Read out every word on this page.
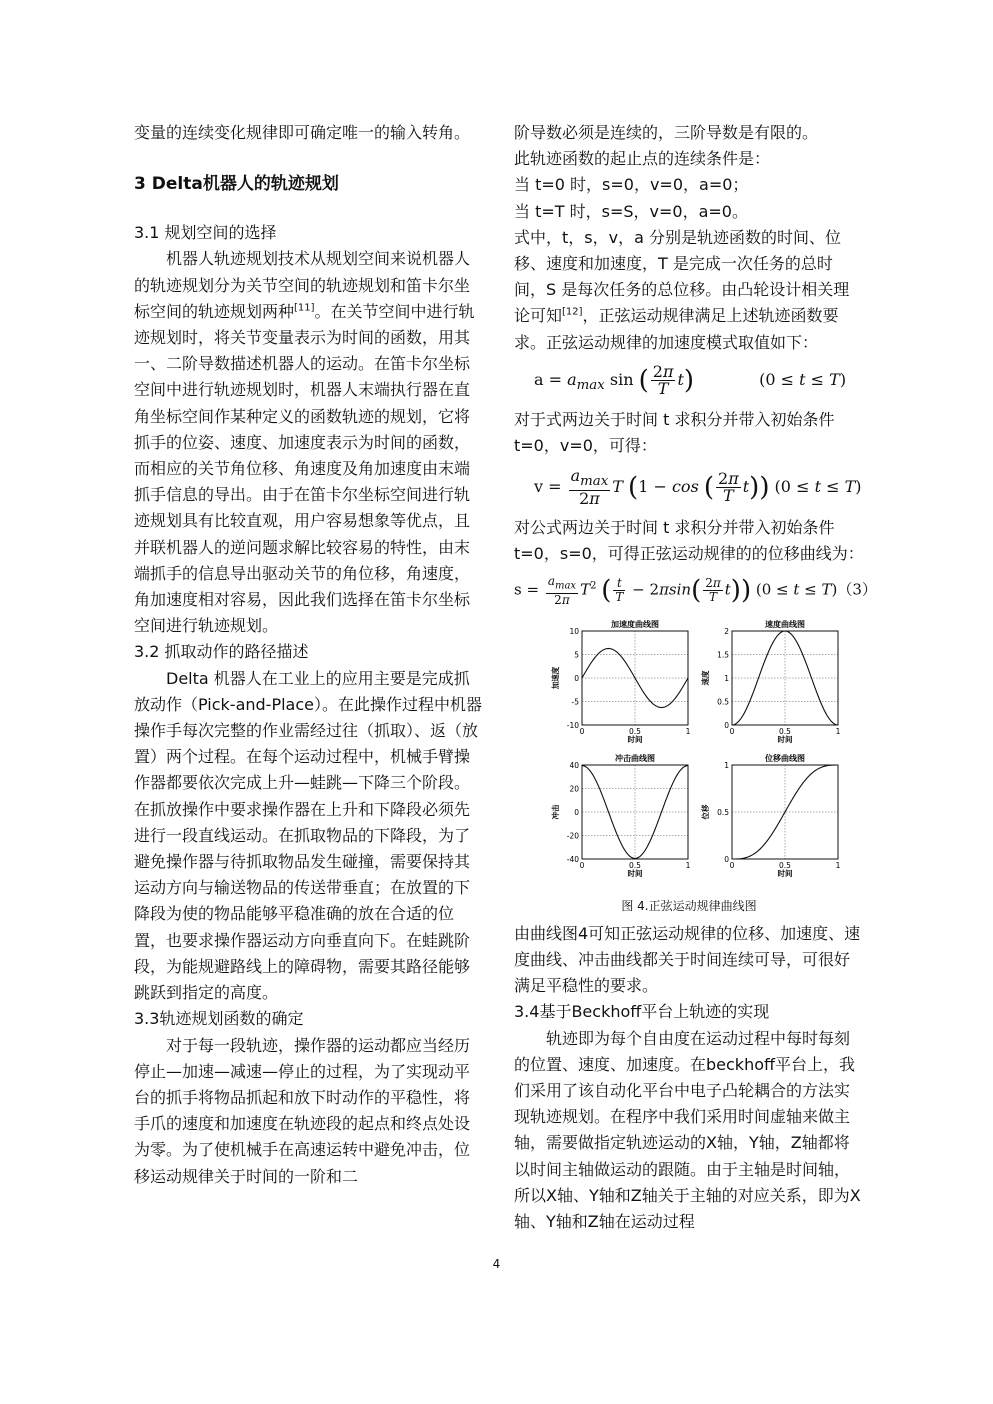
变量的连续变化规律即可确定唯一的输入转角。

3 Delta机器人的轨迹规划

3.1 规划空间的选择

机器人轨迹规划技术从规划空间来说机器人的轨迹规划分为关节空间的轨迹规划和笛卡尔坐标空间的轨迹规划两种[11]。在关节空间中进行轨迹规划时，将关节变量表示为时间的函数，用其一、二阶导数描述机器人的运动。在笛卡尔坐标空间中进行轨迹规划时，机器人末端执行器在直角坐标空间作某种定义的函数轨迹的规划，它将抓手的位姿、速度、加速度表示为时间的函数，而相应的关节角位移、角速度及角加速度由末端抓手信息的导出。由于在笛卡尔坐标空间进行轨迹规划具有比较直观，用户容易想象等优点，且并联机器人的逆问题求解比较容易的特性，由末端抓手的信息导出驱动关节的角位移，角速度，角加速度相对容易，因此我们选择在笛卡尔坐标空间进行轨迹规划。

3.2 抓取动作的路径描述

Delta 机器人在工业上的应用主要是完成抓放动作（Pick-and-Place）。在此操作过程中机器操作手每次完整的作业需经过往（抓取）、返（放置）两个过程。在每个运动过程中，机械手臂操作器都要依次完成上升—蛙跳—下降三个阶段。在抓放操作中要求操作器在上升和下降段必须先进行一段直线运动。在抓取物品的下降段，为了避免操作器与待抓取物品发生碰撞，需要保持其运动方向与输送物品的传送带垂直；在放置的下降段为使的物品能够平稳准确的放在合适的位置，也要求操作器运动方向垂直向下。在蛙跳阶段，为能规避路线上的障碍物，需要其路径能够跳跃到指定的高度。

3.3轨迹规划函数的确定

对于每一段轨迹，操作器的运动都应当经历停止—加速—减速—停止的过程，为了实现动平台的抓手将物品抓起和放下时动作的平稳性，将手爪的速度和加速度在轨迹段的起点和终点处设为零。为了使机械手在高速运转中避免冲击，位移运动规律关于时间的一阶和二

阶导数必须是连续的，三阶导数是有限的。

此轨迹函数的起止点的连续条件是：

当 t=0 时，s=0，v=0，a=0；

当 t=T 时，s=S，v=0，a=0。

式中，t，s，v，a 分别是轨迹函数的时间、位移、速度和加速度，T 是完成一次任务的总时间，S 是每次任务的总位移。由凸轮设计相关理论可知[12]，正弦运动规律满足上述轨迹函数要求。正弦运动规律的加速度模式取值如下：

$a = a_{max}$ sin ( $\frac{2\pi}{T} t$)	(0 ≤ t ≤ T)

对于式两边关于时间 t 求积分并带入初始条件 t=0，v=0，可得：

$v = \frac{a_{max}}{2\pi}$ T (1 − cos ( $\frac{2\pi}{T} t$)) (0 ≤ t ≤ T)

对公式两边关于时间 t 求积分并带入初始条件 t=0，s=0，可得正弦运动规律的的位移曲线为：

$s = \frac{a_{max}}{2\pi} T^2$ ( $\frac{t}{T} - 2\pi\sin( \frac{2\pi}{T} t)$) (0 ≤ t ≤ T)（3）
加速度曲线图
10
5
0
-5
-10
0	0.5	1
时间
加速度
速度曲线图
2
1.5
1
0.5
0
0	0.5	1
时间
速度
冲击曲线图
40
20
0
-20
-40
0	0.5	1
时间
冲击
位移曲线图
1
0.5
0
0	0.5	1
时间
位移
图 4.正弦运动规律曲线图

由曲线图4可知正弦运动规律的位移、加速度、速度曲线、冲击曲线都关于时间连续可导，可很好满足平稳性的要求。

3.4基于Beckhoff平台上轨迹的实现

轨迹即为每个自由度在运动过程中每时每刻的位置、速度、加速度。在beckhoff平台上，我们采用了该自动化平台中电子凸轮耦合的方法实现轨迹规划。在程序中我们采用时间虚轴来做主轴，需要做指定轨迹运动的X轴，Y轴，Z轴都将以时间主轴做运动的跟随。由于主轴是时间轴，所以X轴、Y轴和Z轴关于主轴的对应关系，即为X轴、Y轴和Z轴在运动过程

4
